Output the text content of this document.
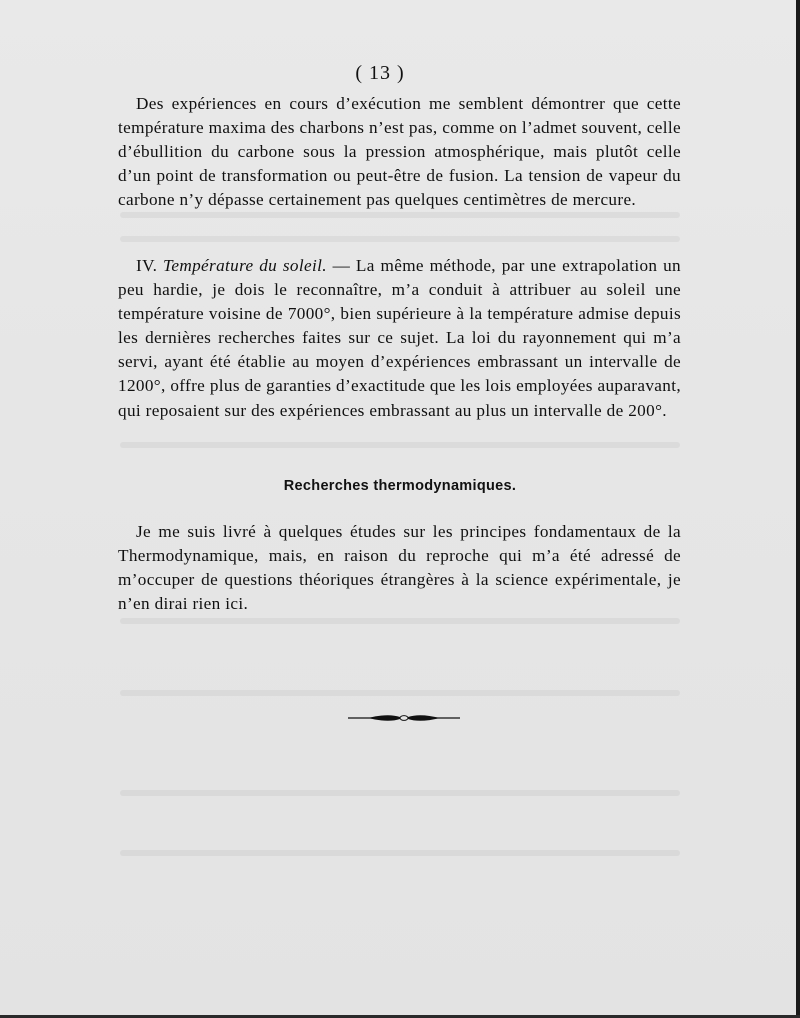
( 13 )

Des expériences en cours d’exécution me semblent démontrer que cette température maxima des charbons n’est pas, comme on l’admet souvent, celle d’ébullition du carbone sous la pression atmosphérique, mais plutôt celle d’un point de transformation ou peut-être de fusion. La tension de vapeur du carbone n’y dépasse certainement pas quelques centimètres de mercure.

IV. Température du soleil. — La même méthode, par une extrapolation un peu hardie, je dois le reconnaître, m’a conduit à attribuer au soleil une température voisine de 7000°, bien supérieure à la température admise depuis les dernières recherches faites sur ce sujet. La loi du rayonnement qui m’a servi, ayant été établie au moyen d’expériences embrassant un intervalle de 1200°, offre plus de garanties d’exactitude que les lois employées auparavant, qui reposaient sur des expériences embrassant au plus un intervalle de 200°.

Recherches thermodynamiques.

Je me suis livré à quelques études sur les principes fondamentaux de la Thermodynamique, mais, en raison du reproche qui m’a été adressé de m’occuper de questions théoriques étrangères à la science expérimentale, je n’en dirai rien ici.
